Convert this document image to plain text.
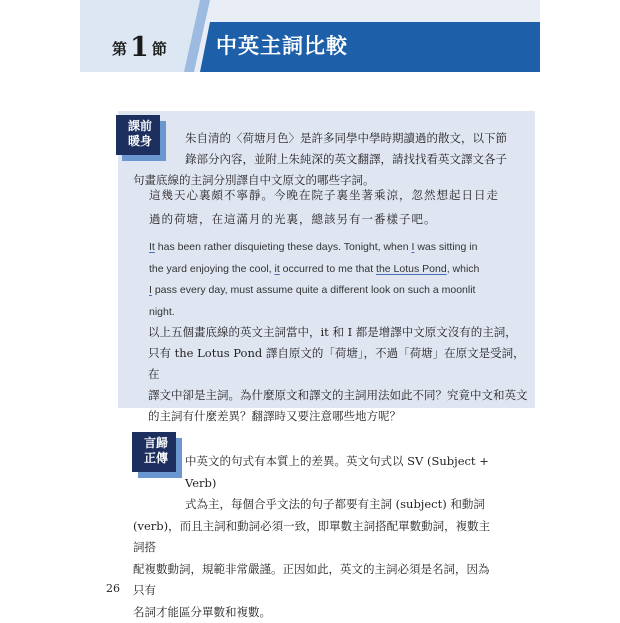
第 1 節 中英主詞比較
課前
暖身	朱自清的〈荷塘月色〉是許多同學中學時期讀過的散文，以下節
錄部分內容，並附上朱純深的英文翻譯，請找找看英文譯文各子
句畫底線的主詞分別譯自中文原文的哪些字詞。
這幾天心裏頗不寧靜。今晚在院子裏坐著乘涼，忽然想起日日走
過的荷塘，在這滿月的光裏，總該另有一番樣子吧。
It has been rather disquieting these days. Tonight, when I was sitting in
the yard enjoying the cool, it occurred to me that the Lotus Pond, which
I pass every day, must assume quite a different look on such a moonlit
night.
以上五個畫底線的英文主詞當中，it 和 I 都是增譯中文原文沒有的主詞，
只有 the Lotus Pond 譯自原文的「荷塘」，不過「荷塘」在原文是受詞，在
譯文中卻是主詞。為什麼原文和譯文的主詞用法如此不同？究竟中文和英文
的主詞有什麼差異？翻譯時又要注意哪些地方呢？
言歸
正傳	中英文的句式有本質上的差異。英文句式以 SV (Subject + Verb)
式為主，每個合乎文法的句子都要有主詞 (subject) 和動詞
(verb)，而且主詞和動詞必須一致，即單數主詞搭配單數動詞，複數主詞搭
配複數動詞，規範非常嚴謹。正因如此，英文的主詞必須是名詞，因為只有
名詞才能區分單數和複數。
26
